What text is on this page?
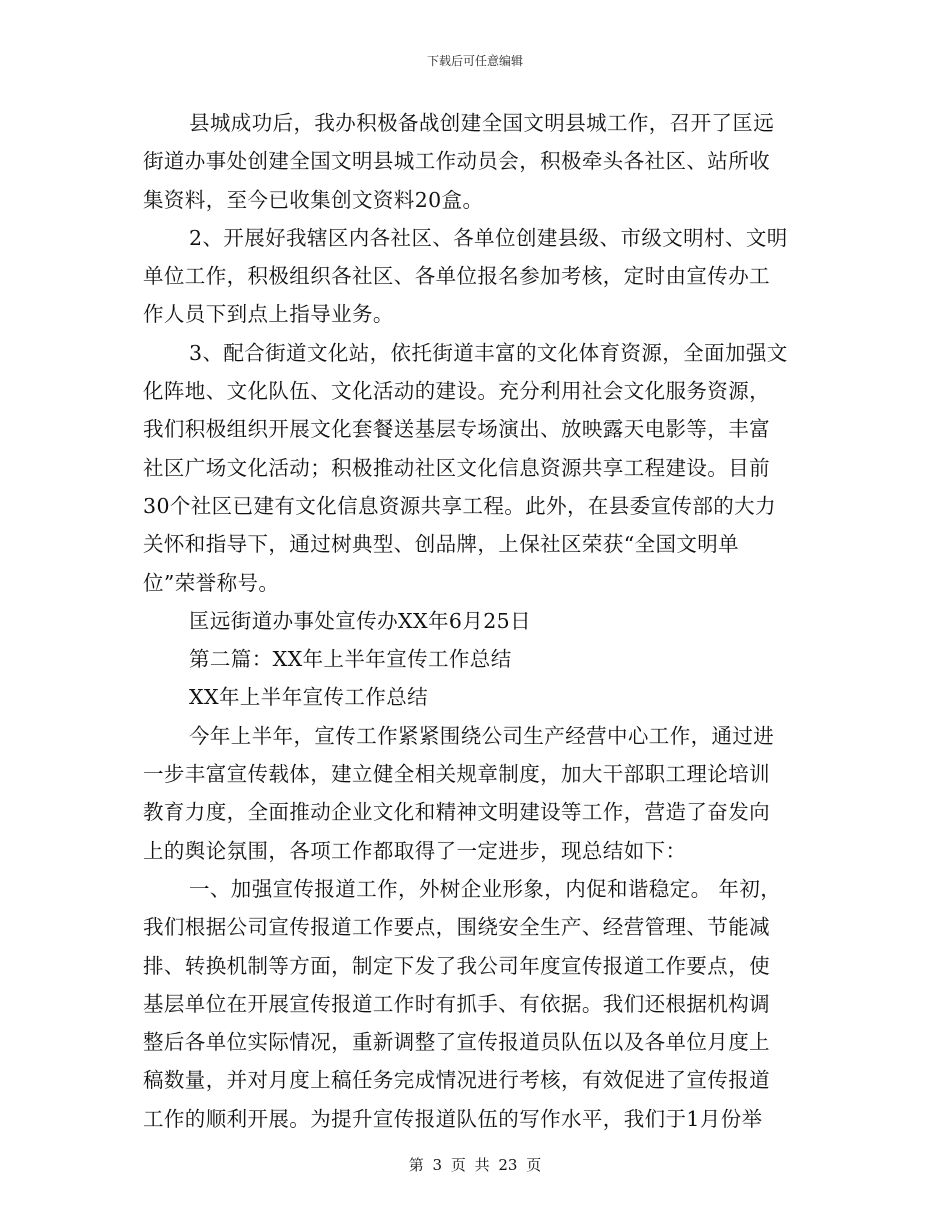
下载后可任意编辑
县城成功后，我办积极备战创建全国文明县城工作，召开了匡远
街道办事处创建全国文明县城工作动员会，积极牵头各社区、站所收
集资料，至今已收集创文资料20盒。
2、开展好我辖区内各社区、各单位创建县级、市级文明村、文明
单位工作，积极组织各社区、各单位报名参加考核，定时由宣传办工
作人员下到点上指导业务。
3、配合街道文化站，依托街道丰富的文化体育资源，全面加强文
化阵地、文化队伍、文化活动的建设。充分利用社会文化服务资源，
我们积极组织开展文化套餐送基层专场演出、放映露天电影等，丰富
社区广场文化活动；积极推动社区文化信息资源共享工程建设。目前
30个社区已建有文化信息资源共享工程。此外，在县委宣传部的大力
关怀和指导下，通过树典型、创品牌，上保社区荣获“全国文明单
位”荣誉称号。
匡远街道办事处宣传办XX年6月25日
第二篇：XX年上半年宣传工作总结
XX年上半年宣传工作总结
今年上半年，宣传工作紧紧围绕公司生产经营中心工作，通过进
一步丰富宣传载体，建立健全相关规章制度，加大干部职工理论培训
教育力度，全面推动企业文化和精神文明建设等工作，营造了奋发向
上的舆论氛围，各项工作都取得了一定进步，现总结如下：
一、加强宣传报道工作，外树企业形象，内促和谐稳定。 年初，
我们根据公司宣传报道工作要点，围绕安全生产、经营管理、节能减
排、转换机制等方面，制定下发了我公司年度宣传报道工作要点，使
基层单位在开展宣传报道工作时有抓手、有依据。我们还根据机构调
整后各单位实际情况，重新调整了宣传报道员队伍以及各单位月度上
稿数量，并对月度上稿任务完成情况进行考核，有效促进了宣传报道
工作的顺利开展。为提升宣传报道队伍的写作水平，我们于1月份举
第 3 页 共 23 页
